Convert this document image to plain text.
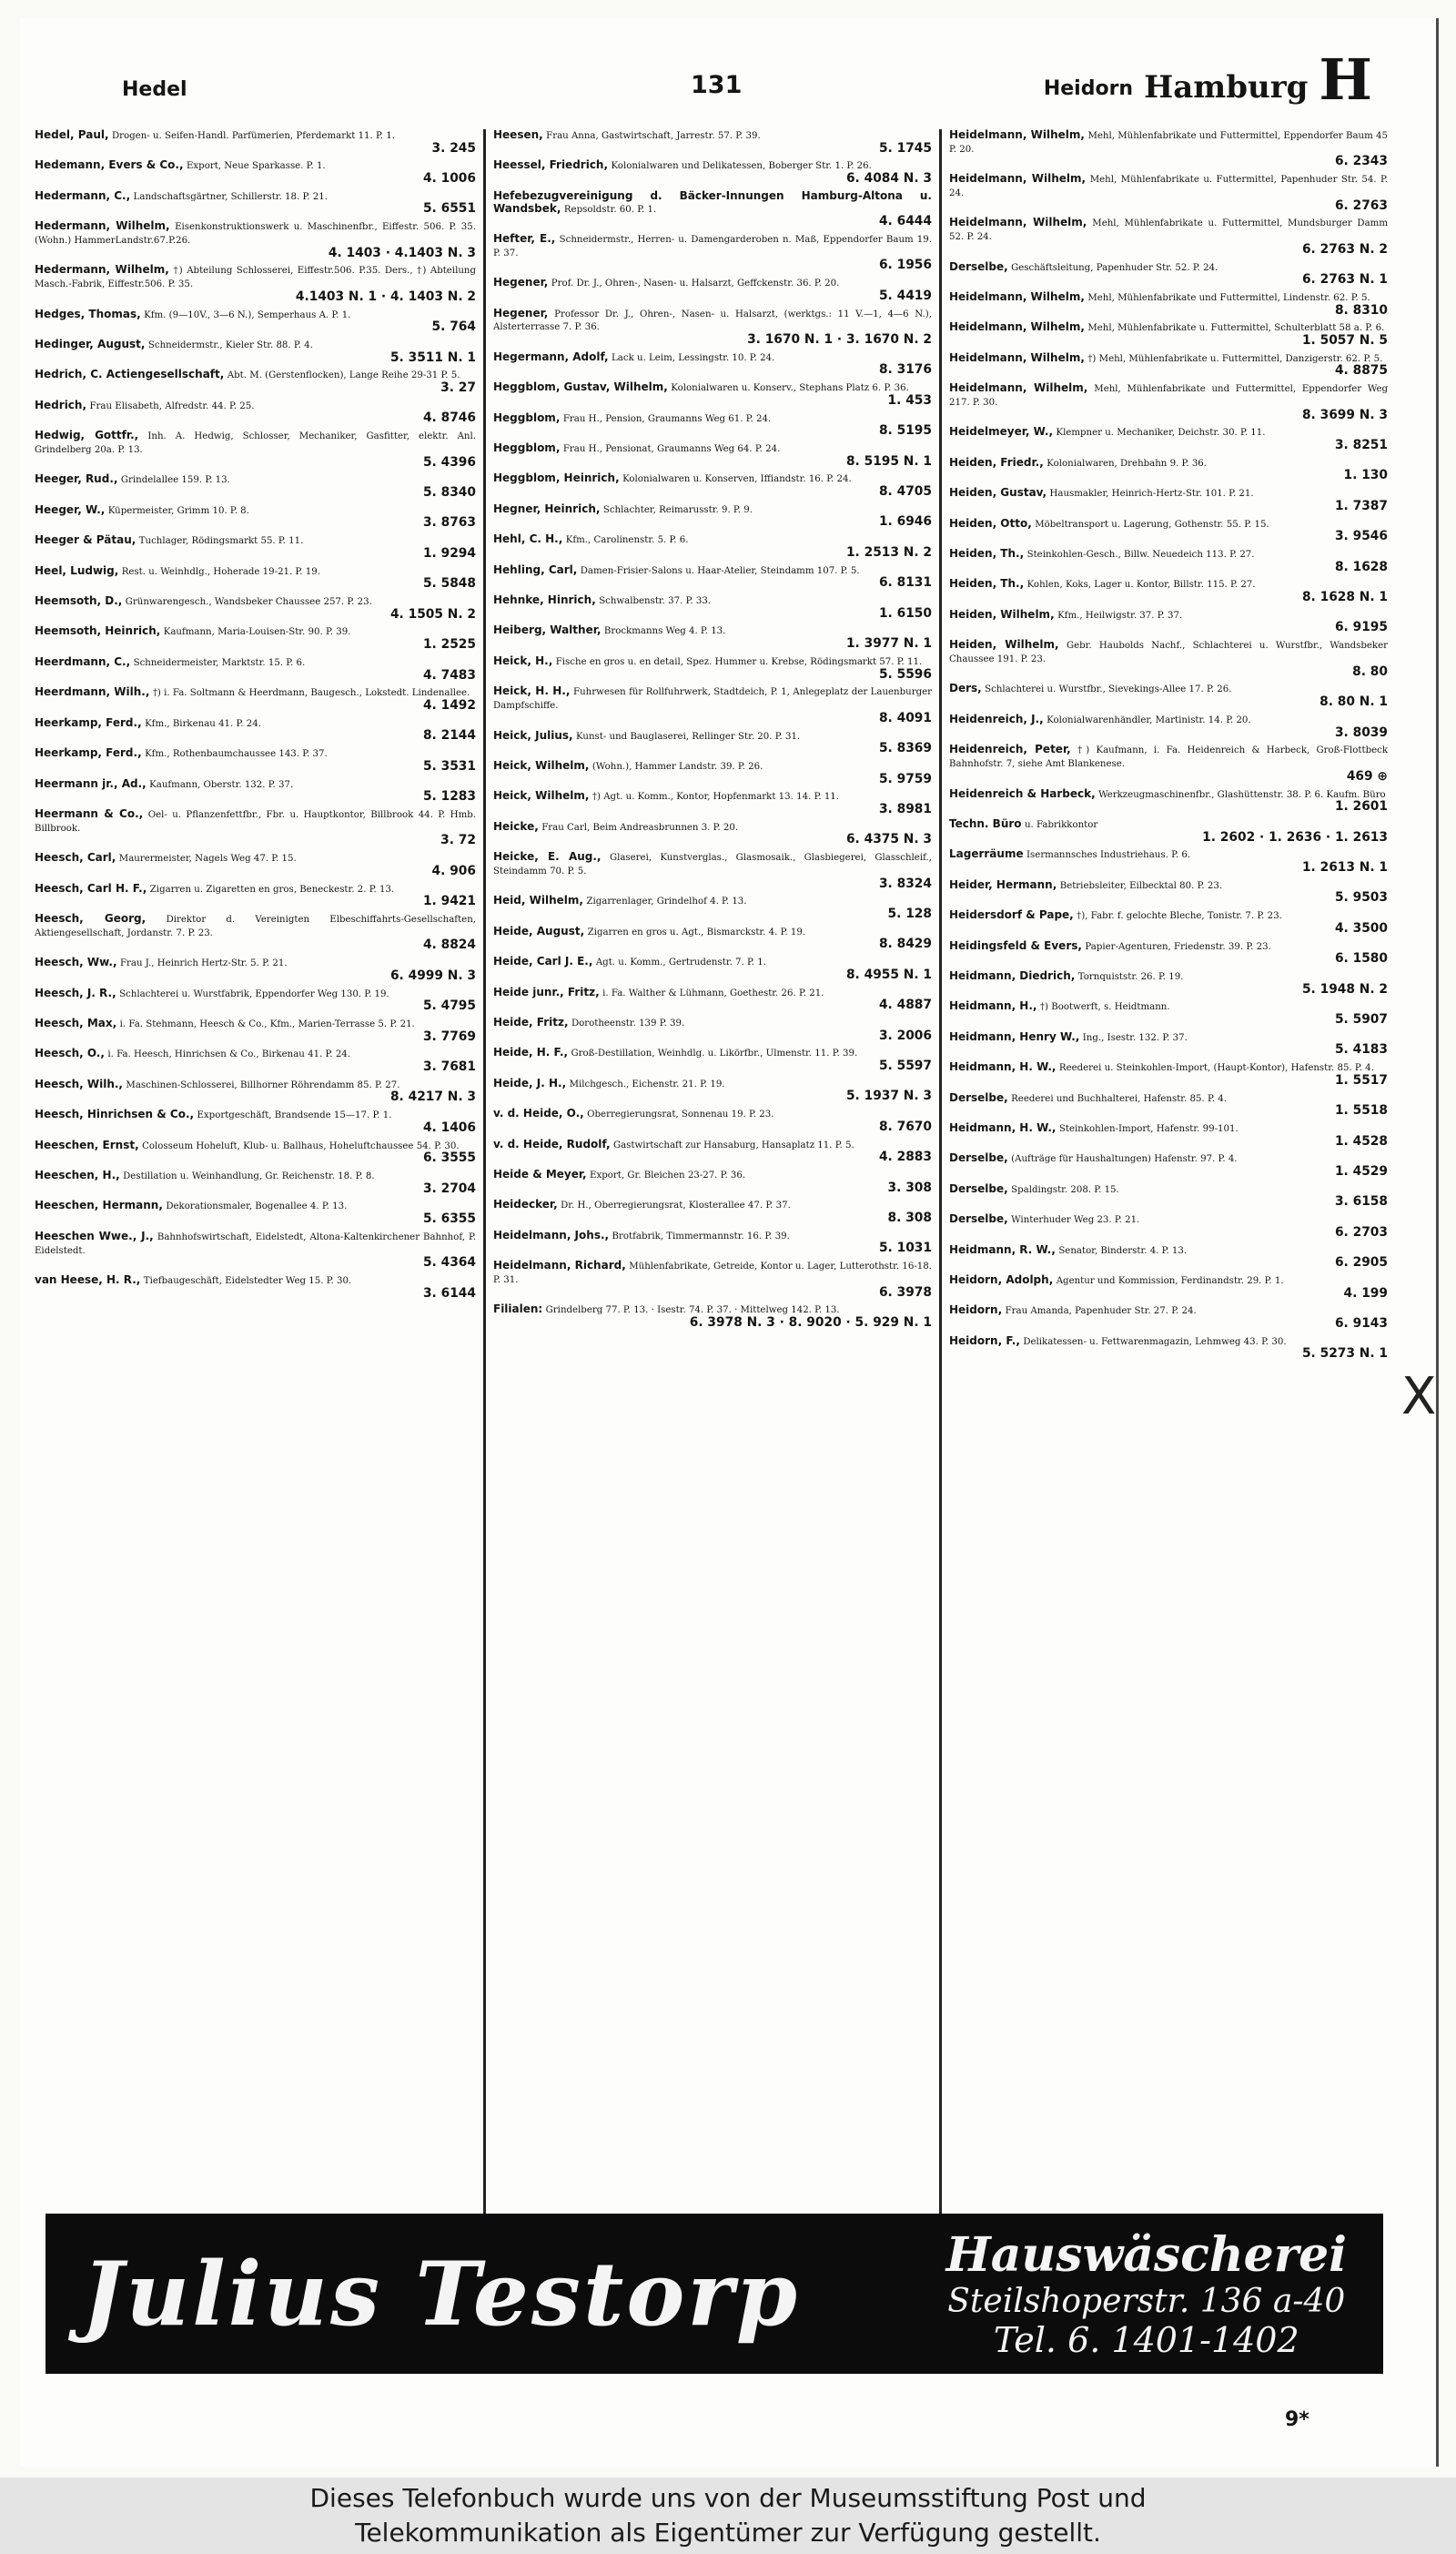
Hedel	131	Heidorn Hamburg H
Hedel, Paul, Drogen- u. Seifen-Handl. Parfümerien, Pferdemarkt 11. P. 1.
3. 245
Hedemann, Evers & Co., Export, Neue Sparkasse. P. 1.
4. 1006
Hedermann, C., Landschaftsgärtner, Schillerstr. 18. P. 21.
5. 6551
Hedermann, Wilhelm, Eisenkonstruktionswerk u. Maschinenfbr., Eiffestr. 506. P. 35. (Wohn.) HammerLandstr.67.P.26.
4. 1403 · 4.1403 N. 3
Hedermann, Wilhelm, †) Abteilung Schlosserei, Eiffestr.506. P.35. Ders., †) Abteilung Masch.-Fabrik, Eiffestr.506. P. 35.
4.1403 N. 1 · 4. 1403 N. 2
Hedges, Thomas, Kfm. (9—10V., 3—6 N.), Semperhaus A. P. 1.
5. 764
Hedinger, August, Schneidermstr., Kieler Str. 88. P. 4.
5. 3511 N. 1
Hedrich, C. Actiengesellschaft, Abt. M. (Gerstenflocken), Lange Reihe 29-31 P. 5.
3. 27
Hedrich, Frau Elisabeth, Alfredstr. 44. P. 25.
4. 8746
Hedwig, Gottfr., Inh. A. Hedwig, Schlosser, Mechaniker, Gasfitter, elektr. Anl. Grindelberg 20a. P. 13.
5. 4396
Heeger, Rud., Grindelallee 159. P. 13.
5. 8340
Heeger, W., Küpermeister, Grimm 10. P. 8.
3. 8763
Heeger & Pätau, Tuchlager, Rödingsmarkt 55. P. 11.
1. 9294
Heel, Ludwig, Rest. u. Weinhdlg., Hoherade 19-21. P. 19.
5. 5848
Heemsoth, D., Grünwarengesch., Wandsbeker Chaussee 257. P. 23.
4. 1505 N. 2
Heemsoth, Heinrich, Kaufmann, Maria-Louisen-Str. 90. P. 39.
1. 2525
Heerdmann, C., Schneidermeister, Marktstr. 15. P. 6.
4. 7483
Heerdmann, Wilh., †) i. Fa. Soltmann & Heerdmann, Baugesch., Lokstedt. Lindenallee.
4. 1492
Heerkamp, Ferd., Kfm., Birkenau 41. P. 24.
8. 2144
Heerkamp, Ferd., Kfm., Rothenbaumchaussee 143. P. 37.
5. 3531
Heermann jr., Ad., Kaufmann, Oberstr. 132. P. 37.
5. 1283
Heermann & Co., Oel- u. Pflanzenfettfbr., Fbr. u. Hauptkontor, Billbrook 44. P. Hmb. Billbrook.
3. 72
Heesch, Carl, Maurermeister, Nagels Weg 47. P. 15.
4. 906
Heesch, Carl H. F., Zigarren u. Zigaretten en gros, Beneckestr. 2. P. 13.
1. 9421
Heesch, Georg, Direktor d. Vereinigten Elbeschiffahrts-Gesellschaften, Aktiengesellschaft, Jordanstr. 7. P. 23.
4. 8824
Heesch, Ww., Frau J., Heinrich Hertz-Str. 5. P. 21.
6. 4999 N. 3
Heesch, J. R., Schlachterei u. Wurstfabrik, Eppendorfer Weg 130. P. 19.
5. 4795
Heesch, Max, i. Fa. Stehmann, Heesch & Co., Kfm., Marien-Terrasse 5. P. 21.
3. 7769
Heesch, O., i. Fa. Heesch, Hinrichsen & Co., Birkenau 41. P. 24.
3. 7681
Heesch, Wilh., Maschinen-Schlosserei, Billhorner Röhrendamm 85. P. 27.
8. 4217 N. 3
Heesch, Hinrichsen & Co., Exportgeschäft, Brandsende 15—17. P. 1.
4. 1406
Heeschen, Ernst, Colosseum Hoheluft, Klub- u. Ballhaus, Hoheluftchaussee 54. P. 30.
6. 3555
Heeschen, H., Destillation u. Weinhandlung, Gr. Reichenstr. 18. P. 8.
3. 2704
Heeschen, Hermann, Dekorationsmaler, Bogenallee 4. P. 13.
5. 6355
Heeschen Wwe., J., Bahnhofswirtschaft, Eidelstedt, Altona-Kaltenkirchener Bahnhof, P. Eidelstedt.
5. 4364
van Heese, H. R., Tiefbaugeschäft, Eidelstedter Weg 15. P. 30.
3. 6144
Heesen, Frau Anna, Gastwirtschaft, Jarrestr. 57. P. 39.
5. 1745
Heessel, Friedrich, Kolonialwaren und Delikatessen, Boberger Str. 1. P. 26.
6. 4084 N. 3
Hefebezugvereinigung d. Bäcker-Innungen Hamburg-Altona u. Wandsbek, Repsoldstr. 60. P. 1.
4. 6444
Hefter, E., Schneidermstr., Herren- u. Damengarderoben n. Maß, Eppendorfer Baum 19. P. 37.
6. 1956
Hegener, Prof. Dr. J., Ohren-, Nasen- u. Halsarzt, Geffckenstr. 36. P. 20.
5. 4419
Hegener, Professor Dr. J., Ohren-, Nasen- u. Halsarzt, (werktgs.: 11 V.—1, 4—6 N.), Alsterterrasse 7. P. 36.
3. 1670 N. 1 · 3. 1670 N. 2
Hegermann, Adolf, Lack u. Leim, Lessingstr. 10. P. 24.
8. 3176
Heggblom, Gustav, Wilhelm, Kolonialwaren u. Konserv., Stephans Platz 6. P. 36.
1. 453
Heggblom, Frau H., Pension, Graumanns Weg 61. P. 24.
8. 5195
Heggblom, Frau H., Pensionat, Graumanns Weg 64. P. 24.
8. 5195 N. 1
Heggblom, Heinrich, Kolonialwaren u. Konserven, Iffiandstr. 16. P. 24.
8. 4705
Hegner, Heinrich, Schlachter, Reimarusstr. 9. P. 9.
1. 6946
Hehl, C. H., Kfm., Carolinenstr. 5. P. 6.
1. 2513 N. 2
Hehling, Carl, Damen-Frisier-Salons u. Haar-Atelier, Steindamm 107. P. 5.
6. 8131
Hehnke, Hinrich, Schwalbenstr. 37. P. 33.
1. 6150
Heiberg, Walther, Brockmanns Weg 4. P. 13.
1. 3977 N. 1
Heick, H., Fische en gros u. en detail, Spez. Hummer u. Krebse, Rödingsmarkt 57. P. 11.
5. 5596
Heick, H. H., Fuhrwesen für Rollfuhrwerk, Stadtdeich, P. 1, Anlegeplatz der Lauenburger Dampfschiffe.
8. 4091
Heick, Julius, Kunst- und Bauglaserei, Rellinger Str. 20. P. 31.
5. 8369
Heick, Wilhelm, (Wohn.), Hammer Landstr. 39. P. 26.
5. 9759
Heick, Wilhelm, †) Agt. u. Komm., Kontor, Hopfenmarkt 13. 14. P. 11.
3. 8981
Heicke, Frau Carl, Beim Andreasbrunnen 3. P. 20.
6. 4375 N. 3
Heicke, E. Aug., Glaserei, Kunstverglas., Glasmosaik., Glasbiegerei, Glasschleif., Steindamm 70. P. 5.
3. 8324
Heid, Wilhelm, Zigarrenlager, Grindelhof 4. P. 13.
5. 128
Heide, August, Zigarren en gros u. Agt., Bismarckstr. 4. P. 19.
8. 8429
Heide, Carl J. E., Agt. u. Komm., Gertrudenstr. 7. P. 1.
8. 4955 N. 1
Heide junr., Fritz, i. Fa. Walther & Lühmann, Goethestr. 26. P. 21.
4. 4887
Heide, Fritz, Dorotheenstr. 139 P. 39.
3. 2006
Heide, H. F., Groß-Destillation, Weinhdlg. u. Likörfbr., Ulmenstr. 11. P. 39.
5. 5597
Heide, J. H., Milchgesch., Eichenstr. 21. P. 19.
5. 1937 N. 3
v. d. Heide, O., Oberregierungsrat, Sonnenau 19. P. 23.
8. 7670
v. d. Heide, Rudolf, Gastwirtschaft zur Hansaburg, Hansaplatz 11. P. 5.
4. 2883
Heide & Meyer, Export, Gr. Bleichen 23-27. P. 36.
3. 308
Heidecker, Dr. H., Oberregierungsrat, Klosterallee 47. P. 37.
8. 308
Heidelmann, Johs., Brotfabrik, Timmermannstr. 16. P. 39.
5. 1031
Heidelmann, Richard, Mühlenfabrikate, Getreide, Kontor u. Lager, Lutterothstr. 16-18. P. 31.
6. 3978
Filialen: Grindelberg 77. P. 13. · Isestr. 74. P. 37. · Mittelweg 142. P. 13.
6. 3978 N. 3 · 8. 9020 · 5. 929 N. 1
Heidelmann, Wilhelm, Mehl, Mühlenfabrikate und Futtermittel, Eppendorfer Baum 45 P. 20.
6. 2343
Heidelmann, Wilhelm, Mehl, Mühlenfabrikate u. Futtermittel, Papenhuder Str. 54. P. 24.
6. 2763
Heidelmann, Wilhelm, Mehl, Mühlenfabrikate u. Futtermittel, Mundsburger Damm 52. P. 24.
6. 2763 N. 2
Derselbe, Geschäftsleitung, Papenhuder Str. 52. P. 24.
6. 2763 N. 1
Heidelmann, Wilhelm, Mehl, Mühlenfabrikate und Futtermittel, Lindenstr. 62. P. 5.
8. 8310
Heidelmann, Wilhelm, Mehl, Mühlenfabrikate u. Futtermittel, Schulterblatt 58 a. P. 6.
1. 5057 N. 5
Heidelmann, Wilhelm, †) Mehl, Mühlenfabrikate u. Futtermittel, Danzigerstr. 62. P. 5.
4. 8875
Heidelmann, Wilhelm, Mehl, Mühlenfabrikate und Futtermittel, Eppendorfer Weg 217. P. 30.
8. 3699 N. 3
Heidelmeyer, W., Klempner u. Mechaniker, Deichstr. 30. P. 11.
3. 8251
Heiden, Friedr., Kolonialwaren, Drehbahn 9. P. 36.
1. 130
Heiden, Gustav, Hausmakler, Heinrich-Hertz-Str. 101. P. 21.
1. 7387
Heiden, Otto, Möbeltransport u. Lagerung, Gothenstr. 55. P. 15.
3. 9546
Heiden, Th., Steinkohlen-Gesch., Billw. Neuedeich 113. P. 27.
8. 1628
Heiden, Th., Kohlen, Koks, Lager u. Kontor, Billstr. 115. P. 27.
8. 1628 N. 1
Heiden, Wilhelm, Kfm., Heilwigstr. 37. P. 37.
6. 9195
Heiden, Wilhelm, Gebr. Haubolds Nachf., Schlachterei u. Wurstfbr., Wandsbeker Chaussee 191. P. 23.
8. 80
Ders, Schlachterei u. Wurstfbr., Sievekings-Allee 17. P. 26.
8. 80 N. 1
Heidenreich, J., Kolonialwarenhändler, Martinistr. 14. P. 20.
3. 8039
Heidenreich, Peter, †) Kaufmann, i. Fa. Heidenreich & Harbeck, Groß-Flottbeck Bahnhofstr. 7, siehe Amt Blankenese.
469 ⊕
Heidenreich & Harbeck, Werkzeugmaschinenfbr., Glashüttenstr. 38. P. 6. Kaufm. Büro
1. 2601
Techn. Büro u. Fabrikkontor
1. 2602 · 1. 2636 · 1. 2613
Lagerräume Isermannsches Industriehaus. P. 6.
1. 2613 N. 1
Heider, Hermann, Betriebsleiter, Eilbecktal 80. P. 23.
5. 9503
Heidersdorf & Pape, †), Fabr. f. gelochte Bleche, Tonistr. 7. P. 23.
4. 3500
Heidingsfeld & Evers, Papier-Agenturen, Friedenstr. 39. P. 23.
6. 1580
Heidmann, Diedrich, Tornquiststr. 26. P. 19.
5. 1948 N. 2
Heidmann, H., †) Bootwerft, s. Heidtmann.
5. 5907
Heidmann, Henry W., Ing., Isestr. 132. P. 37.
5. 4183
Heidmann, H. W., Reederei u. Steinkohlen-Import, (Haupt-Kontor), Hafenstr. 85. P. 4.
1. 5517
Derselbe, Reederei und Buchhalterei, Hafenstr. 85. P. 4.
1. 5518
Heidmann, H. W., Steinkohlen-Import, Hafenstr. 99-101.
1. 4528
Derselbe, (Aufträge für Haushaltungen) Hafenstr. 97. P. 4.
1. 4529
Derselbe, Spaldingstr. 208. P. 15.
3. 6158
Derselbe, Winterhuder Weg 23. P. 21.
6. 2703
Heidmann, R. W., Senator, Binderstr. 4. P. 13.
6. 2905
Heidorn, Adolph, Agentur und Kommission, Ferdinandstr. 29. P. 1.
4. 199
Heidorn, Frau Amanda, Papenhuder Str. 27. P. 24.
6. 9143
Heidorn, F., Delikatessen- u. Fettwarenmagazin, Lehmweg 43. P. 30.
5. 5273 N. 1
Julius Testorp	Hauswäscherei
Steilshoperstr. 136 a-40
Tel. 6. 1401-1402
9*
X
Dieses Telefonbuch wurde uns von der Museumsstiftung Post und
Telekommunikation als Eigentümer zur Verfügung gestellt.
